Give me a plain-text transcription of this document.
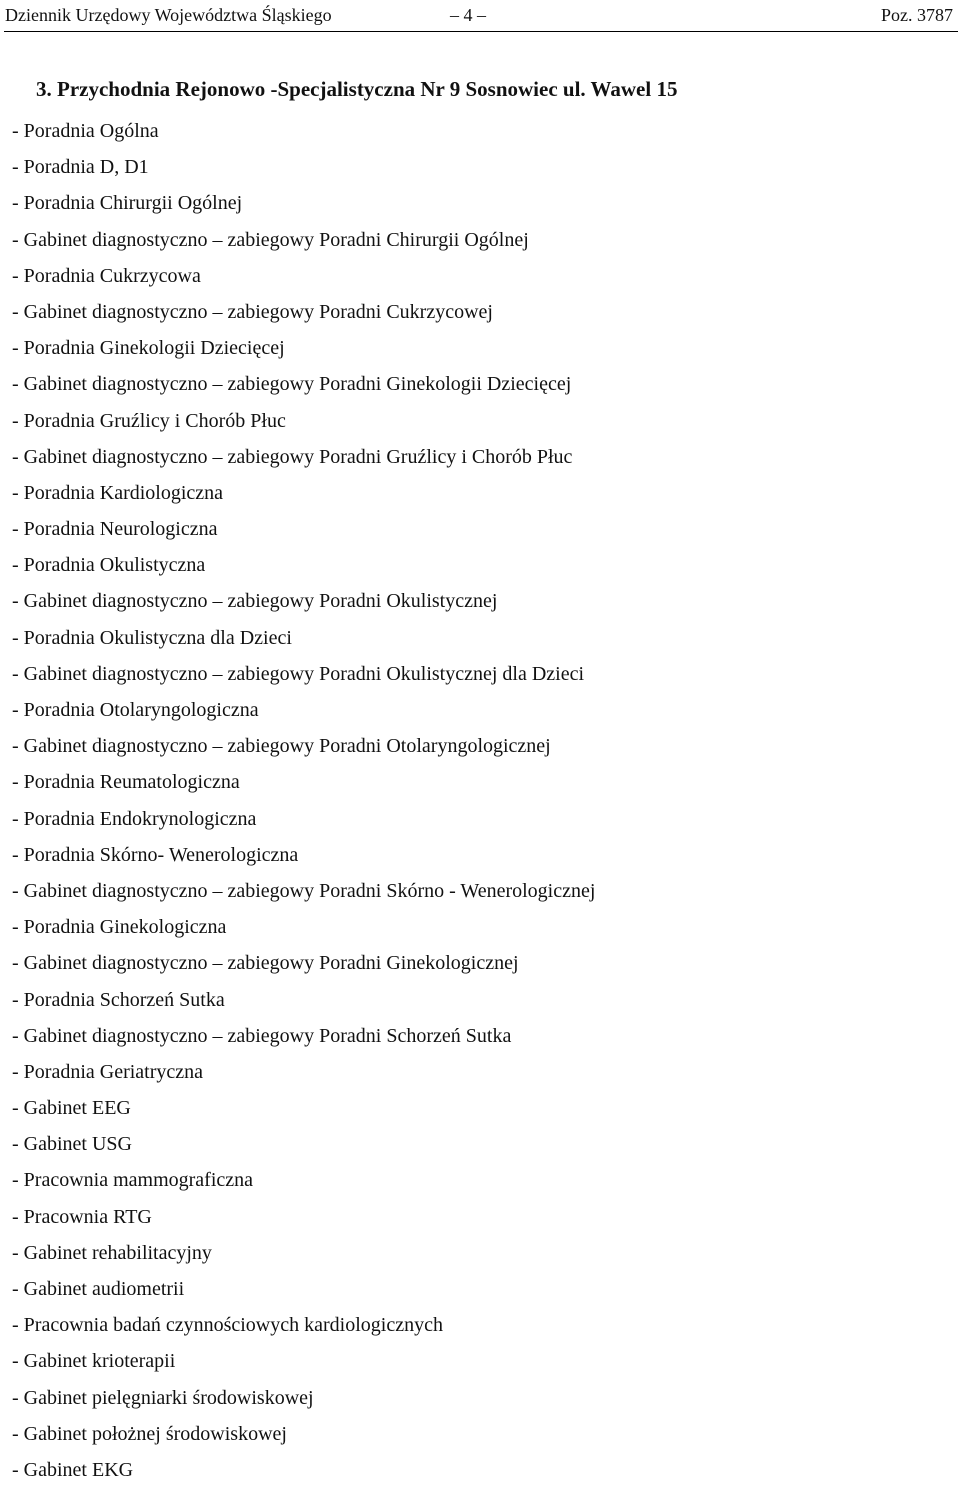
Dziennik Urzędowy Województwa Śląskiego	– 4 –	Poz. 3787
3. Przychodnia Rejonowo -Specjalistyczna Nr 9 Sosnowiec ul. Wawel 15
- Poradnia Ogólna
- Poradnia D, D1
- Poradnia Chirurgii Ogólnej
- Gabinet diagnostyczno – zabiegowy Poradni Chirurgii Ogólnej
- Poradnia Cukrzycowa
- Gabinet diagnostyczno – zabiegowy Poradni Cukrzycowej
- Poradnia Ginekologii Dziecięcej
- Gabinet diagnostyczno – zabiegowy Poradni Ginekologii Dziecięcej
- Poradnia Gruźlicy i Chorób Płuc
- Gabinet diagnostyczno – zabiegowy Poradni Gruźlicy i Chorób Płuc
- Poradnia Kardiologiczna
- Poradnia Neurologiczna
- Poradnia Okulistyczna
- Gabinet diagnostyczno – zabiegowy Poradni Okulistycznej
- Poradnia Okulistyczna dla Dzieci
- Gabinet diagnostyczno – zabiegowy Poradni Okulistycznej dla Dzieci
- Poradnia Otolaryngologiczna
- Gabinet diagnostyczno – zabiegowy Poradni Otolaryngologicznej
- Poradnia Reumatologiczna
- Poradnia Endokrynologiczna
- Poradnia Skórno- Wenerologiczna
- Gabinet diagnostyczno – zabiegowy Poradni Skórno - Wenerologicznej
- Poradnia Ginekologiczna
- Gabinet diagnostyczno – zabiegowy Poradni Ginekologicznej
- Poradnia Schorzeń Sutka
- Gabinet diagnostyczno – zabiegowy Poradni Schorzeń Sutka
- Poradnia Geriatryczna
- Gabinet EEG
- Gabinet USG
- Pracownia mammograficzna
- Pracownia RTG
- Gabinet rehabilitacyjny
- Gabinet audiometrii
- Pracownia badań czynnościowych kardiologicznych
- Gabinet krioterapii
- Gabinet pielęgniarki środowiskowej
- Gabinet położnej środowiskowej
- Gabinet EKG
